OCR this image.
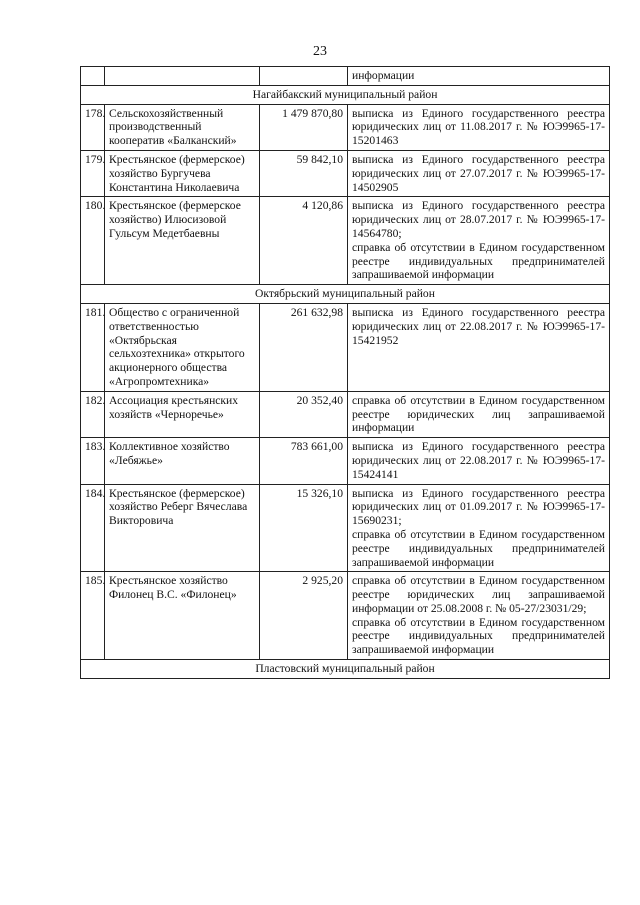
23
			информации
Нагайбакский муниципальный район			
178.	Сельскохозяйственный производственный кооператив «Балканский»	1 479 870,80	выписка из Единого государственного реестра юридических лиц от 11.08.2017 г. № ЮЭ9965-17-15201463

179.	Крестьянское (фермерское) хозяйство Бургучева Константина Николаевича	59 842,10	выписка из Единого государственного реестра юридических лиц от 27.07.2017 г. № ЮЭ9965-17-14502905

180.	Крестьянское (фермерское хозяйство) Илюсизовой Гульсум Медетбаевны	4 120,86	выписка из Единого государственного реестра юридических лиц от 28.07.2017 г. № ЮЭ9965-17-14564780;
справка об отсутствии в Едином государственном реестре индивидуальных предпринимателей запрашиваемой информации

Октябрьский муниципальный район			
181.	Общество с ограниченной ответственностью «Октябрьская сельхозтехника» открытого акционерного общества «Агропромтехника»	261 632,98	выписка из Единого государственного реестра юридических лиц от 22.08.2017 г. № ЮЭ9965-17-15421952

182.	Ассоциация крестьянских хозяйств «Черноречье»	20 352,40	справка об отсутствии в Едином государственном реестре юридических лиц запрашиваемой информации

183.	Коллективное хозяйство «Лебяжье»	783 661,00	выписка из Единого государственного реестра юридических лиц от 22.08.2017 г. № ЮЭ9965-17-15424141

184.	Крестьянское (фермерское) хозяйство Реберг Вячеслава Викторовича	15 326,10	выписка из Единого государственного реестра юридических лиц от 01.09.2017 г. № ЮЭ9965-17-15690231;
справка об отсутствии в Едином государственном реестре индивидуальных предпринимателей запрашиваемой информации

185.	Крестьянское хозяйство Филонец В.С. «Филонец»	2 925,20	справка об отсутствии в Едином государственном реестре юридических лиц запрашиваемой информации от 25.08.2008 г. № 05-27/23031/29;
справка об отсутствии в Едином государственном реестре индивидуальных предпринимателей запрашиваемой информации

Пластовский муниципальный район			
